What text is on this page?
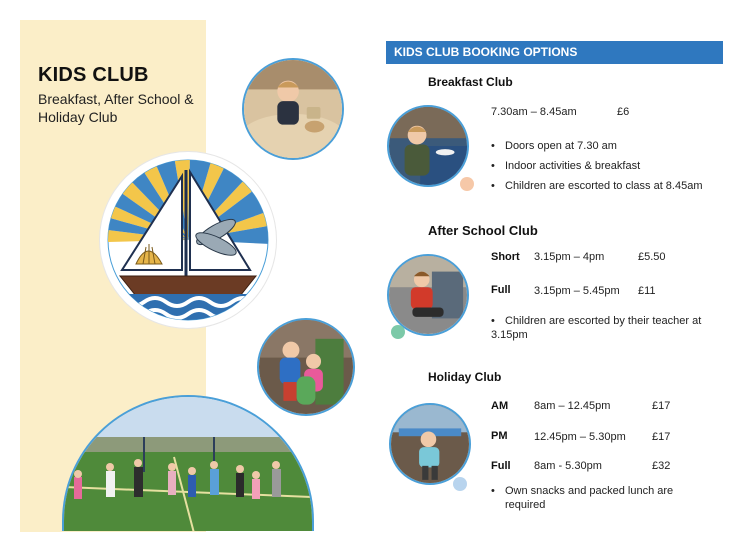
KIDS CLUB
Breakfast, After School & Holiday Club
KIDS CLUB BOOKING OPTIONS
Breakfast Club
7.30am – 8.45am	£6
• Doors open at 7.30 am
• Indoor activities & breakfast
• Children are escorted to class at 8.45am
After School Club
Short 3.15pm – 4pm	£5.50
Full 3.15pm – 5.45pm £11
• Children are escorted by their teacher at 3.15pm
Holiday Club
AM 8am – 12.45pm	£17
PM 12.45pm – 5.30pm £17
Full 8am - 5.30pm	£32
• Own snacks and packed lunch are required
